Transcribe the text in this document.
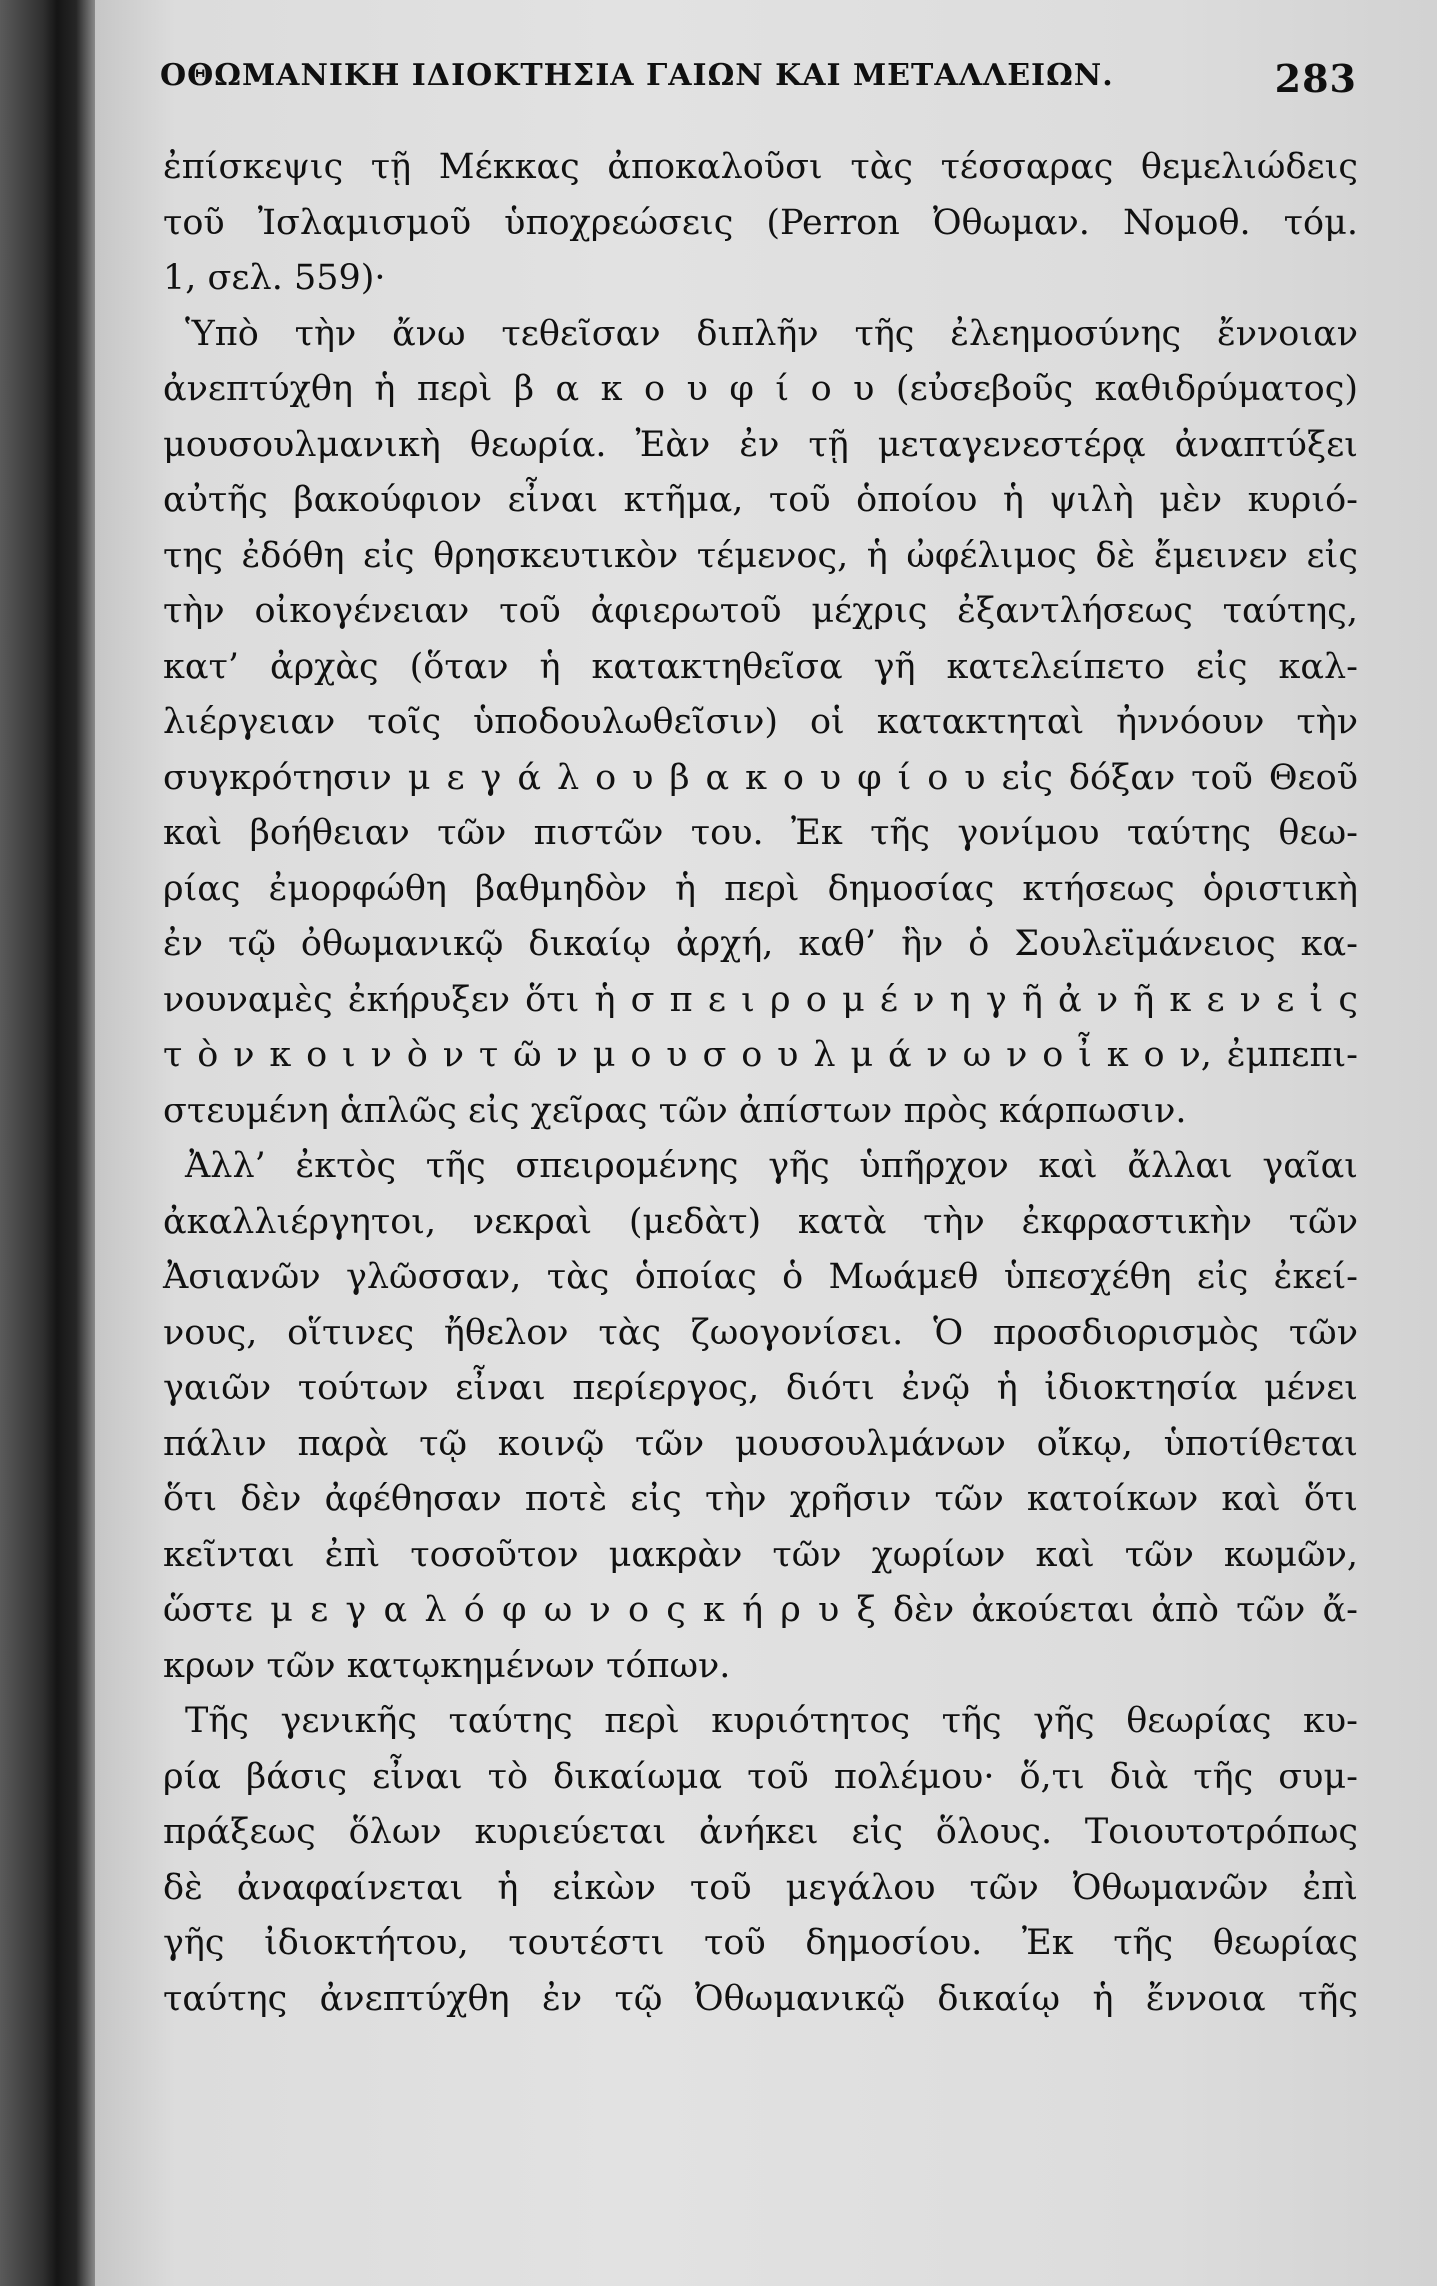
ΟΘΩΜΑΝΙΚΗ ΙΔΙΟΚΤΗΣΙΑ ΓΑΙΩΝ ΚΑΙ ΜΕΤΑΛΛΕΙΩΝ.	283
ἐπίσκεψις τῇ Μέκκας ἀποκαλοῦσι τὰς τέσσαρας θεμελιώδεις
τοῦ Ἰσλαμισμοῦ ὑποχρεώσεις (Perron Ὀθωμαν. Νομοθ. τόμ.
1, σελ. 559)·
Ὑπὸ τὴν ἄνω τεθεῖσαν διπλῆν τῆς ἐλεημοσύνης ἔννοιαν
ἀνεπτύχθη ἡ περὶ β α κ ο υ φ ί ο υ (εὐσεβοῦς καθιδρύματος)
μουσουλμανικὴ θεωρία. Ἐὰν ἐν τῇ μεταγενεστέρᾳ ἀναπτύξει
αὐτῆς βακούφιον εἶναι κτῆμα, τοῦ ὁποίου ἡ ψιλὴ μὲν κυριό-
της ἐδόθη εἰς θρησκευτικὸν τέμενος, ἡ ὠφέλιμος δὲ ἔμεινεν εἰς
τὴν οἰκογένειαν τοῦ ἀφιερωτοῦ μέχρις ἐξαντλήσεως ταύτης,
κατ’ ἀρχὰς (ὅταν ἡ κατακτηθεῖσα γῆ κατελείπετο εἰς καλ-
λιέργειαν τοῖς ὑποδουλωθεῖσιν) οἱ κατακτηταὶ ἠννόουν τὴν
συγκρότησιν μ ε γ ά λ ο υ β α κ ο υ φ ί ο υ εἰς δόξαν τοῦ Θεοῦ
καὶ βοήθειαν τῶν πιστῶν του. Ἐκ τῆς γονίμου ταύτης θεω-
ρίας ἐμορφώθη βαθμηδὸν ἡ περὶ δημοσίας κτήσεως ὁριστικὴ
ἐν τῷ ὀθωμανικῷ δικαίῳ ἀρχή, καθ’ ἣν ὁ Σουλεϊμάνειος κα-
νουναμὲς ἐκήρυξεν ὅτι ἡ σ π ε ι ρ ο μ έ ν η γ ῆ ἀ ν ῆ κ ε ν ε ἰ ς
τ ὸ ν κ ο ι ν ὸ ν τ ῶ ν μ ο υ σ ο υ λ μ ά ν ω ν ο ἶ κ ο ν, ἐμπεπι-
στευμένη ἁπλῶς εἰς χεῖρας τῶν ἀπίστων πρὸς κάρπωσιν.
Ἀλλ’ ἐκτὸς τῆς σπειρομένης γῆς ὑπῆρχον καὶ ἄλλαι γαῖαι
ἀκαλλιέργητοι, νεκραὶ (μεδὰτ) κατὰ τὴν ἐκφραστικὴν τῶν
Ἀσιανῶν γλῶσσαν, τὰς ὁποίας ὁ Μωάμεθ ὑπεσχέθη εἰς ἐκεί-
νους, οἵτινες ἤθελον τὰς ζωογονίσει. Ὁ προσδιορισμὸς τῶν
γαιῶν τούτων εἶναι περίεργος, διότι ἐνῷ ἡ ἰδιοκτησία μένει
πάλιν παρὰ τῷ κοινῷ τῶν μουσουλμάνων οἴκῳ, ὑποτίθεται
ὅτι δὲν ἀφέθησαν ποτὲ εἰς τὴν χρῆσιν τῶν κατοίκων καὶ ὅτι
κεῖνται ἐπὶ τοσοῦτον μακρὰν τῶν χωρίων καὶ τῶν κωμῶν,
ὥστε μ ε γ α λ ό φ ω ν ο ς κ ή ρ υ ξ δὲν ἀκούεται ἀπὸ τῶν ἄ-
κρων τῶν κατῳκημένων τόπων.
Τῆς γενικῆς ταύτης περὶ κυριότητος τῆς γῆς θεωρίας κυ-
ρία βάσις εἶναι τὸ δικαίωμα τοῦ πολέμου· ὅ,τι διὰ τῆς συμ-
πράξεως ὅλων κυριεύεται ἀνήκει εἰς ὅλους. Τοιουτοτρόπως
δὲ ἀναφαίνεται ἡ εἰκὼν τοῦ μεγάλου τῶν Ὀθωμανῶν ἐπὶ
γῆς ἰδιοκτήτου, τουτέστι τοῦ δημοσίου. Ἐκ τῆς θεωρίας
ταύτης ἀνεπτύχθη ἐν τῷ Ὀθωμανικῷ δικαίῳ ἡ ἔννοια τῆς
